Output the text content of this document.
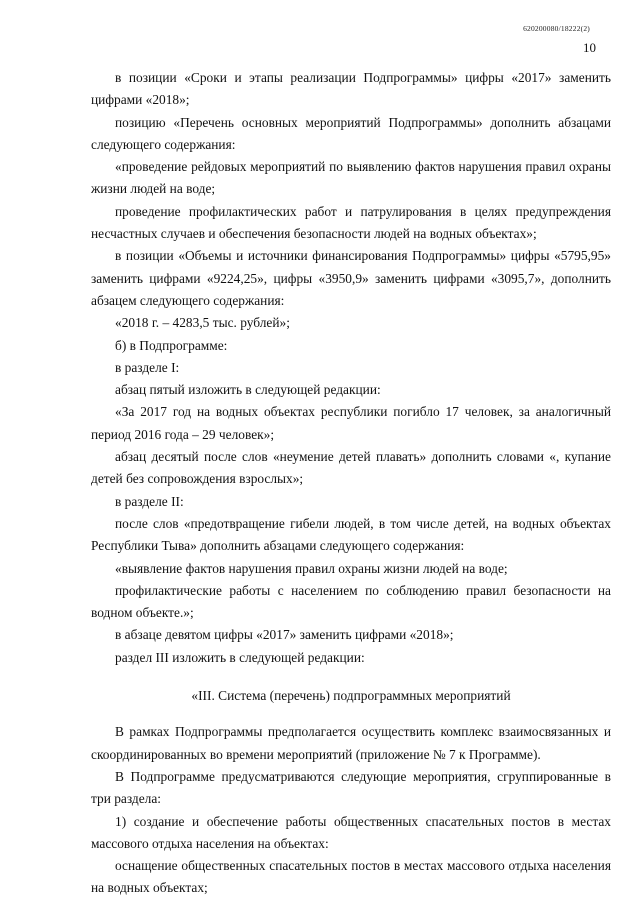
620200080/18222(2)
10

в позиции «Сроки и этапы реализации Подпрограммы» цифры «2017» заменить цифрами «2018»;

позицию «Перечень основных мероприятий Подпрограммы» дополнить абзацами следующего содержания:

«проведение рейдовых мероприятий по выявлению фактов нарушения правил охраны жизни людей на воде;

проведение профилактических работ и патрулирования в целях предупреждения несчастных случаев и обеспечения безопасности людей на водных объектах»;

в позиции «Объемы и источники финансирования Подпрограммы» цифры «5795,95» заменить цифрами «9224,25», цифры «3950,9» заменить цифрами «3095,7», дополнить абзацем следующего содержания:

«2018 г. – 4283,5 тыс. рублей»;

б) в Подпрограмме:

в разделе I:

абзац пятый изложить в следующей редакции:

«За 2017 год на водных объектах республики погибло 17 человек, за аналогичный период 2016 года – 29 человек»;

абзац десятый после слов «неумение детей плавать» дополнить словами «, купание детей без сопровождения взрослых»;

в разделе II:

после слов «предотвращение гибели людей, в том числе детей, на водных объектах Республики Тыва» дополнить абзацами следующего содержания:

«выявление фактов нарушения правил охраны жизни людей на воде;

профилактические работы с населением по соблюдению правил безопасности на водном объекте.»;

в абзаце девятом цифры «2017» заменить цифрами «2018»;

раздел III изложить в следующей редакции:

«III. Система (перечень) подпрограммных мероприятий

В рамках Подпрограммы предполагается осуществить комплекс взаимосвязанных и скоординированных во времени мероприятий (приложение № 7 к Программе).

В Подпрограмме предусматриваются следующие мероприятия, сгруппированные в три раздела:

1) создание и обеспечение работы общественных спасательных постов в местах массового отдыха населения на объектах:

оснащение общественных спасательных постов в местах массового отдыха населения на водных объектах;
